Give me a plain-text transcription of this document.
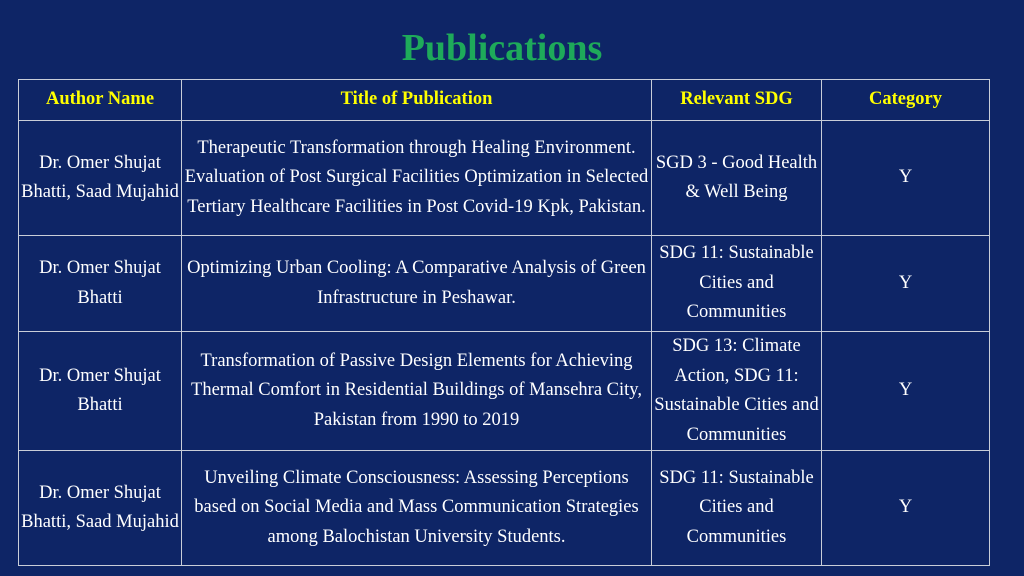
Publications
Author Name	Title of Publication	Relevant SDG	Category
Dr. Omer Shujat Bhatti, Saad Mujahid	Therapeutic Transformation through Healing Environment. Evaluation of Post Surgical Facilities Optimization in Selected Tertiary Healthcare Facilities in Post Covid-19 Kpk, Pakistan.	SGD 3 - Good Health & Well Being	Y
Dr. Omer Shujat Bhatti	Optimizing Urban Cooling: A Comparative Analysis of Green Infrastructure in Peshawar.	SDG 11: Sustainable Cities and Communities	Y
Dr. Omer Shujat Bhatti	Transformation of Passive Design Elements for Achieving Thermal Comfort in Residential Buildings of Mansehra City, Pakistan from 1990 to 2019	SDG 13: Climate Action, SDG 11: Sustainable Cities and Communities	Y
Dr. Omer Shujat Bhatti, Saad Mujahid	Unveiling Climate Consciousness: Assessing Perceptions based on Social Media and Mass Communication Strategies among Balochistan University Students.	SDG 11: Sustainable Cities and Communities	Y
